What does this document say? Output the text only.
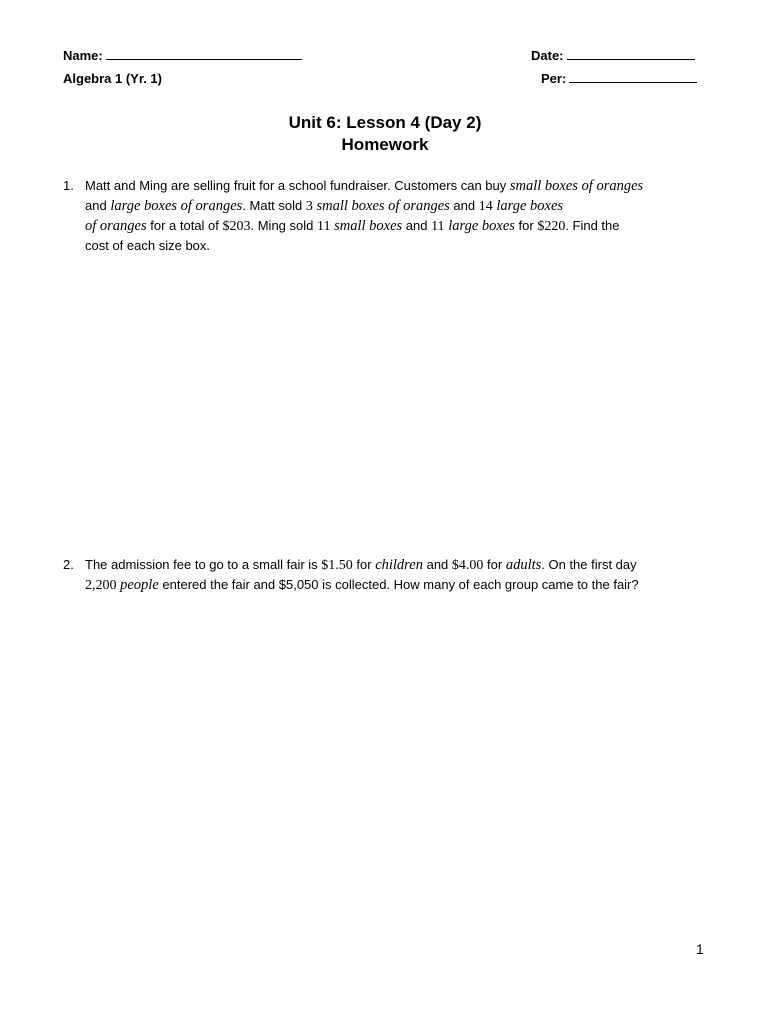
Name:
Algebra 1 (Yr. 1)
Date:
Per:
Unit 6: Lesson 4 (Day 2)
Homework
1. Matt and Ming are selling fruit for a school fundraiser. Customers can buy small boxes of oranges
and large boxes of oranges. Matt sold 3 small boxes of oranges and 14 large boxes
of oranges for a total of $203. Ming sold 11 small boxes and 11 large boxes for $220. Find the
cost of each size box.
2. The admission fee to go to a small fair is $1.50 for children and $4.00 for adults. On the first day
2,200 people entered the fair and $5,050 is collected. How many of each group came to the fair?
1
